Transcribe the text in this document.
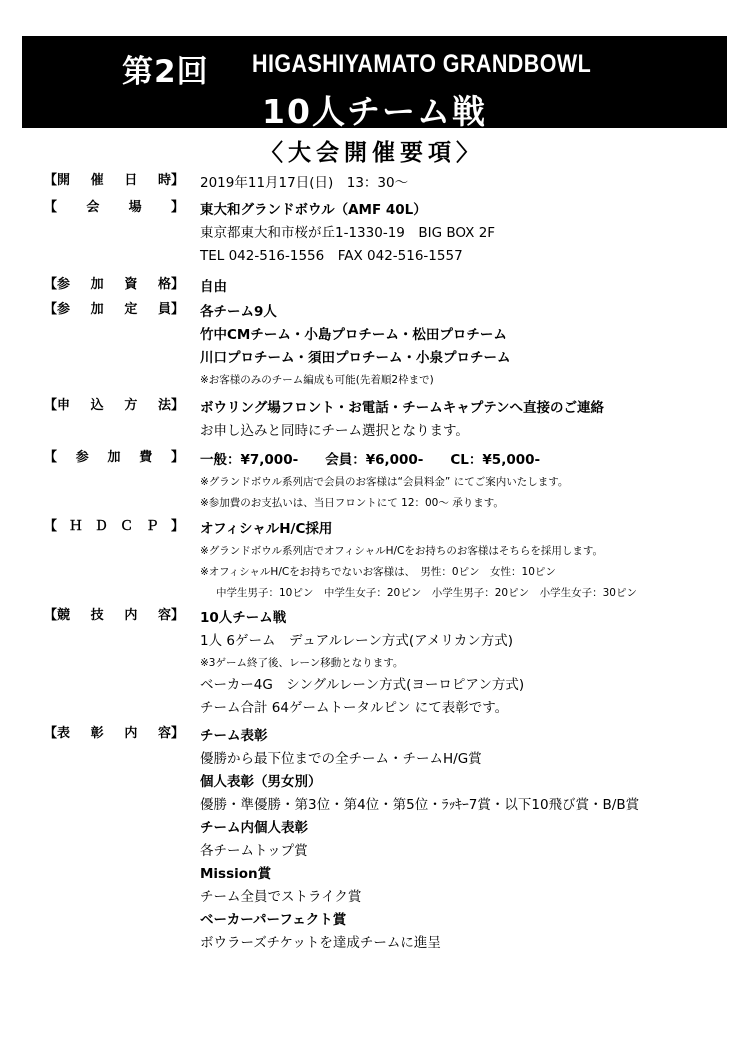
第2回 HIGASHIYAMATO GRANDBOWL
10人チーム戦
〈大会開催要項〉
【開 催 日 時】 2019年11月17日(日)　13：30〜
【 会 場 】 東大和グランドボウル（AMF 40L）
東京都東大和市桜が丘1-1330-19　BIG BOX 2F
TEL 042-516-1556　FAX 042-516-1557
【参 加 資 格】 自由
【参 加 定 員】 各チーム9人
竹中CMチーム・小島プロチーム・松田プロチーム
川口プロチーム・須田プロチーム・小泉プロチーム
※お客様のみのチーム編成も可能(先着順2枠まで)
【申 込 方 法】 ボウリング場フロント・お電話・チームキャプテンへ直接のご連絡
お申し込みと同時にチーム選択となります。
【 参 加 費 】 一般：¥7,000-　　会員：¥6,000-　　CL：¥5,000-
※グランドボウル系列店で会員のお客様は“会員料金” にてご案内いたします。
※参加費のお支払いは、当日フロントにて 12：00〜 承ります。
【 Ｈ Ｄ Ｃ Ｐ 】 オフィシャルH/C採用
※グランドボウル系列店でオフィシャルH/Cをお持ちのお客様はそちらを採用します。
※オフィシャルH/Cをお持ちでないお客様は、　男性：0ピン　女性：10ピン
中学生男子：10ピン　中学生女子：20ピン　小学生男子：20ピン　小学生女子：30ピン
【競 技 内 容】 10人チーム戦
1人 6ゲーム　デュアルレーン方式(アメリカン方式)
※3ゲーム終了後、レーン移動となります。
ベーカー4G　シングルレーン方式(ヨーロピアン方式)
チーム合計 64ゲームトータルピン にて表彰です。
【表 彰 内 容】 チーム表彰
優勝から最下位までの全チーム・チームH/G賞
個人表彰（男女別）
優勝・準優勝・第3位・第4位・第5位・ﾗｯｷｰ7賞・以下10飛び賞・B/B賞
チーム内個人表彰
各チームトップ賞
Mission賞
チーム全員でストライク賞
ベーカーパーフェクト賞
ボウラーズチケットを達成チームに進呈
